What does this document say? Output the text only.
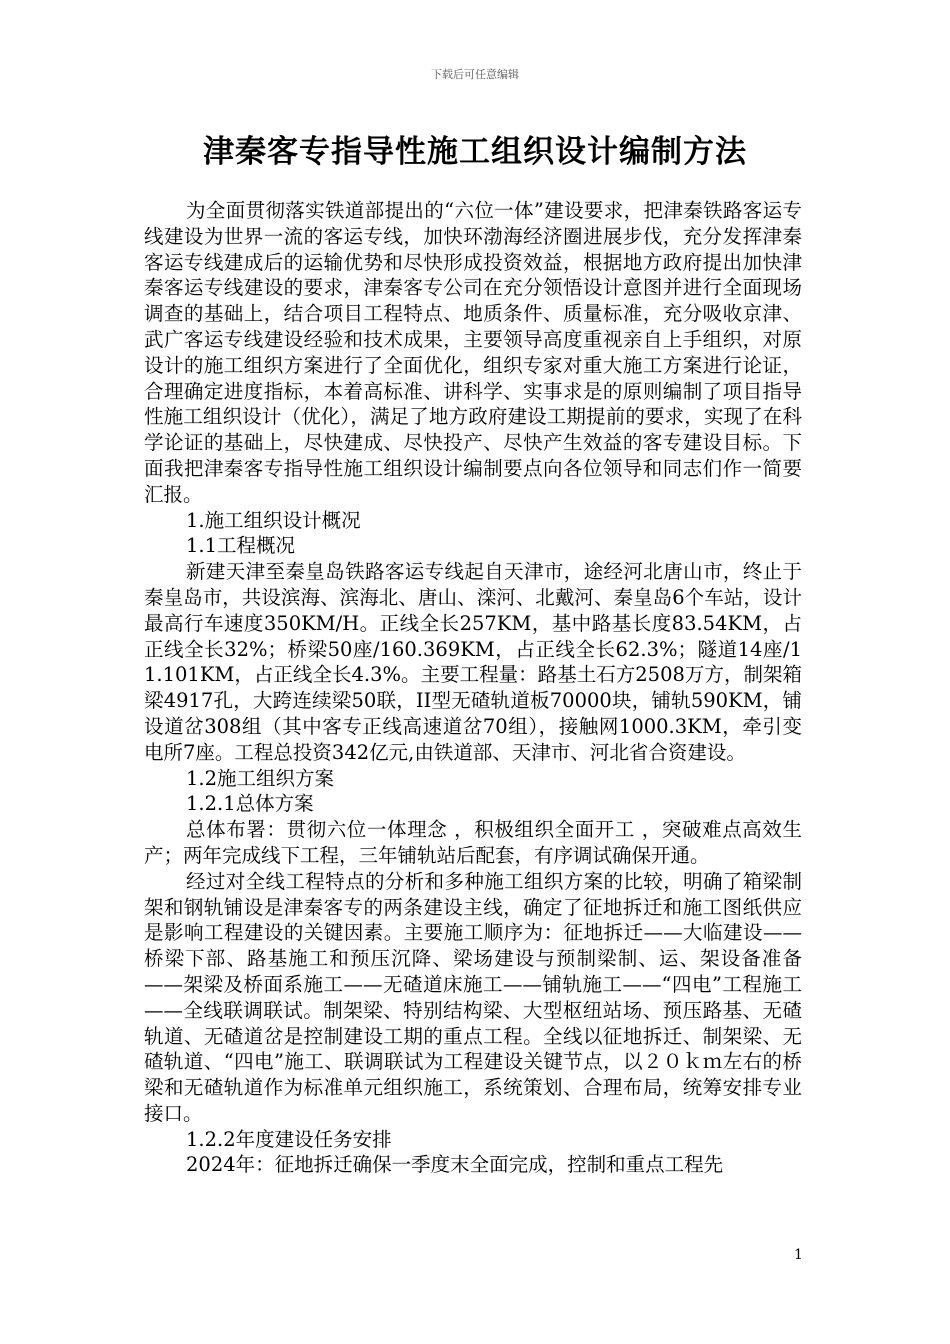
下载后可任意编辑
津秦客专指导性施工组织设计编制方法

为全面贯彻落实铁道部提出的“六位一体”建设要求，把津秦铁路客运专线建设为世界一流的客运专线，加快环渤海经济圈进展步伐，充分发挥津秦客运专线建成后的运输优势和尽快形成投资效益，根据地方政府提出加快津秦客运专线建设的要求，津秦客专公司在充分领悟设计意图并进行全面现场调查的基础上，结合项目工程特点、地质条件、质量标准，充分吸收京津、武广客运专线建设经验和技术成果，主要领导高度重视亲自上手组织，对原设计的施工组织方案进行了全面优化，组织专家对重大施工方案进行论证，合理确定进度指标，本着高标准、讲科学、实事求是的原则编制了项目指导性施工组织设计（优化），满足了地方政府建设工期提前的要求，实现了在科学论证的基础上，尽快建成、尽快投产、尽快产生效益的客专建设目标。下面我把津秦客专指导性施工组织设计编制要点向各位领导和同志们作一简要汇报。

1.施工组织设计概况

1.1工程概况

新建天津至秦皇岛铁路客运专线起自天津市，途经河北唐山市，终止于秦皇岛市，共设滨海、滨海北、唐山、滦河、北戴河、秦皇岛6个车站，设计最高行车速度350KM/H。正线全长257KM，基中路基长度83.54KM，占正线全长32%；桥梁50座/160.369KM，占正线全长62.3%；隧道14座/11.101KM，占正线全长4.3%。主要工程量：路基土石方2508万方，制架箱梁4917孔，大跨连续梁50联，II型无碴轨道板70000块，铺轨590KM，铺设道岔308组（其中客专正线高速道岔70组），接触网1000.3KM，牵引变电所7座。工程总投资342亿元,由铁道部、天津市、河北省合资建设。

1.2施工组织方案

1.2.1总体方案

总体布署：贯彻六位一体理念 ，积极组织全面开工 ，突破难点高效生产；两年完成线下工程，三年铺轨站后配套，有序调试确保开通。

经过对全线工程特点的分析和多种施工组织方案的比较，明确了箱梁制架和钢轨铺设是津秦客专的两条建设主线，确定了征地拆迁和施工图纸供应是影响工程建设的关键因素。主要施工顺序为：征地拆迁——大临建设——桥梁下部、路基施工和预压沉降、梁场建设与预制梁制、运、架设备准备——架梁及桥面系施工——无碴道床施工——铺轨施工——“四电”工程施工——全线联调联试。制架梁、特别结构梁、大型枢纽站场、预压路基、无碴轨道、无碴道岔是控制建设工期的重点工程。全线以征地拆迁、制架梁、无碴轨道、“四电”施工、联调联试为工程建设关键节点，以２０ｋｍ左右的桥梁和无碴轨道作为标准单元组织施工，系统策划、合理布局，统筹安排专业接口。

1.2.2年度建设任务安排

2024年：征地拆迁确保一季度末全面完成，控制和重点工程先

1
